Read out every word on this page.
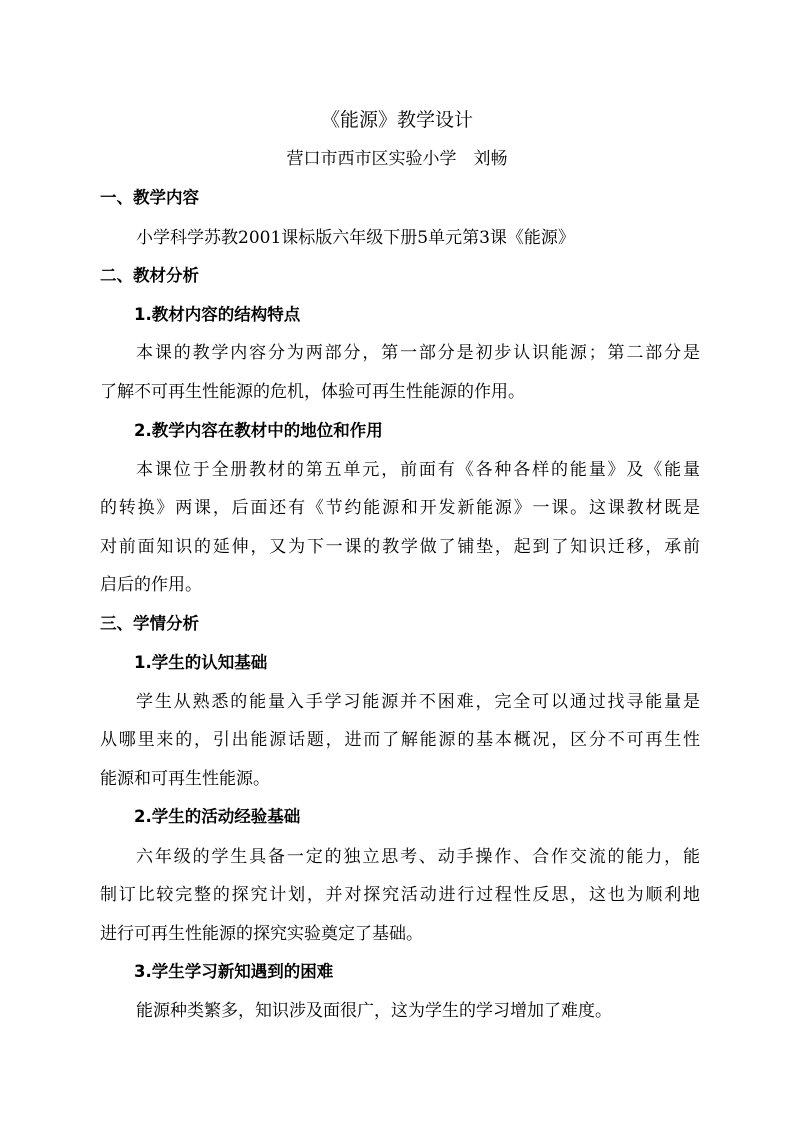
《能源》教学设计
营口市西市区实验小学　刘畅
一、教学内容
小学科学苏教2001课标版六年级下册5单元第3课《能源》
二、教材分析
1.教材内容的结构特点
本课的教学内容分为两部分，第一部分是初步认识能源；第二部分是
了解不可再生性能源的危机，体验可再生性能源的作用。
2.教学内容在教材中的地位和作用
本课位于全册教材的第五单元，前面有《各种各样的能量》及《能量
的转换》两课，后面还有《节约能源和开发新能源》一课。这课教材既是
对前面知识的延伸，又为下一课的教学做了铺垫，起到了知识迁移，承前
启后的作用。
三、学情分析
1.学生的认知基础
学生从熟悉的能量入手学习能源并不困难，完全可以通过找寻能量是
从哪里来的，引出能源话题，进而了解能源的基本概况，区分不可再生性
能源和可再生性能源。
2.学生的活动经验基础
六年级的学生具备一定的独立思考、动手操作、合作交流的能力，能
制订比较完整的探究计划，并对探究活动进行过程性反思，这也为顺利地
进行可再生性能源的探究实验奠定了基础。
3.学生学习新知遇到的困难
能源种类繁多，知识涉及面很广，这为学生的学习增加了难度。
